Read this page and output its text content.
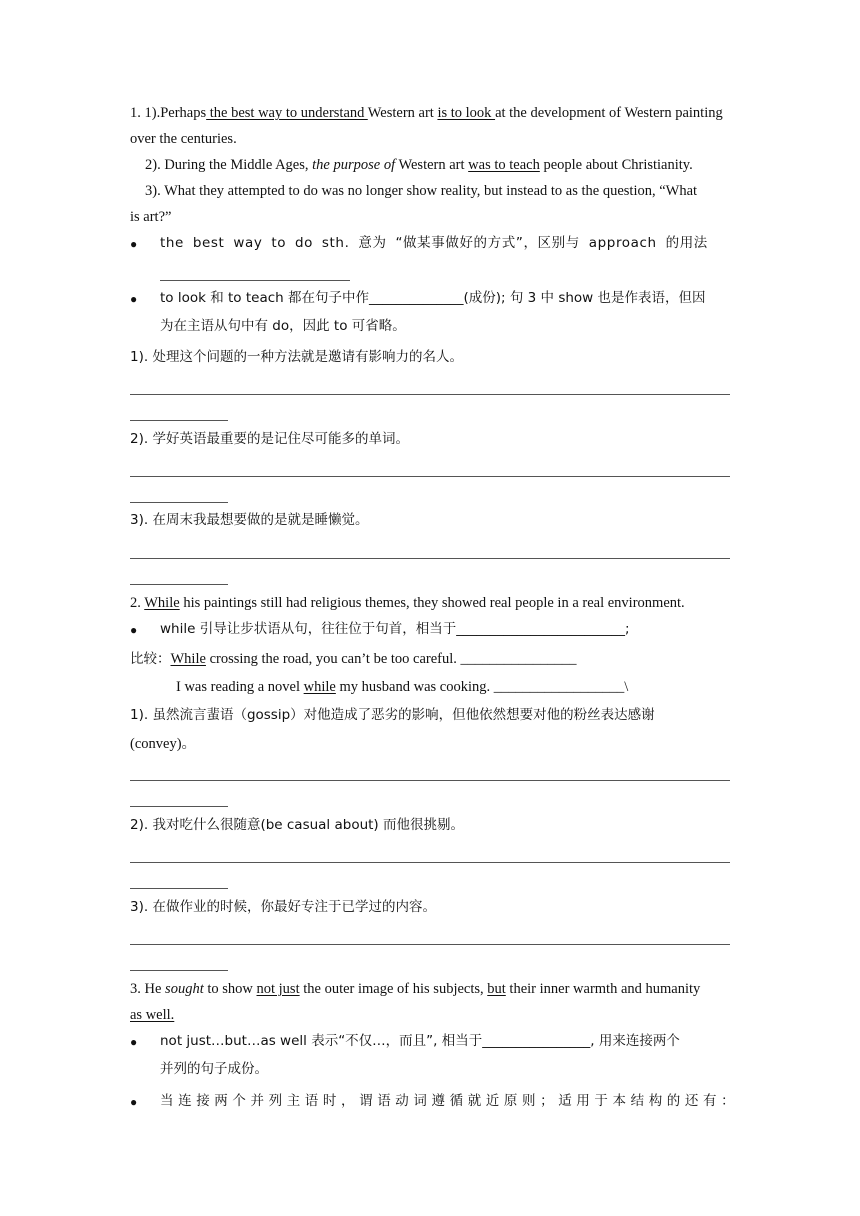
1. 1).Perhaps the best way to understand Western art is to look at the development of Western painting
over the centuries.
2). During the Middle Ages, the purpose of Western art was to teach people about Christianity.
3). What they attempted to do was no longer show reality, but instead to as the question, “What
is art?”
● the best way to do sth. 意为 “做某事做好的方式”，区别与 approach 的用法
● to look 和 to teach 都在句子中作______________(成份); 句 3 中 show 也是作表语，但因
为在主语从句中有 do，因此 to 可省略。
1). 处理这个问题的一种方法就是邀请有影响力的名人。
2). 学好英语最重要的是记住尽可能多的单词。
3). 在周末我最想要做的是就是睡懒觉。
2. While his paintings still had religious themes, they showed real people in a real environment.
● while 引导让步状语从句，往往位于句首，相当于_________________________;
比较：While crossing the road, you can’t be too careful. ________________
I was reading a novel while my husband was cooking. __________________\
1). 虽然流言蜚语（gossip）对他造成了恶劣的影响，但他依然想要对他的粉丝表达感谢
(convey)。
2). 我对吃什么很随意(be casual about) 而他很挑剔。
3). 在做作业的时候，你最好专注于已学过的内容。
3. He sought to show not just the outer image of his subjects, but their inner warmth and humanity
as well.
● not just…but…as well 表示“不仅…，而且”, 相当于________________, 用来连接两个
并列的句子成份。
● 当连接两个并列主语时，谓语动词遵循就近原则；适用于本结构的还有：
